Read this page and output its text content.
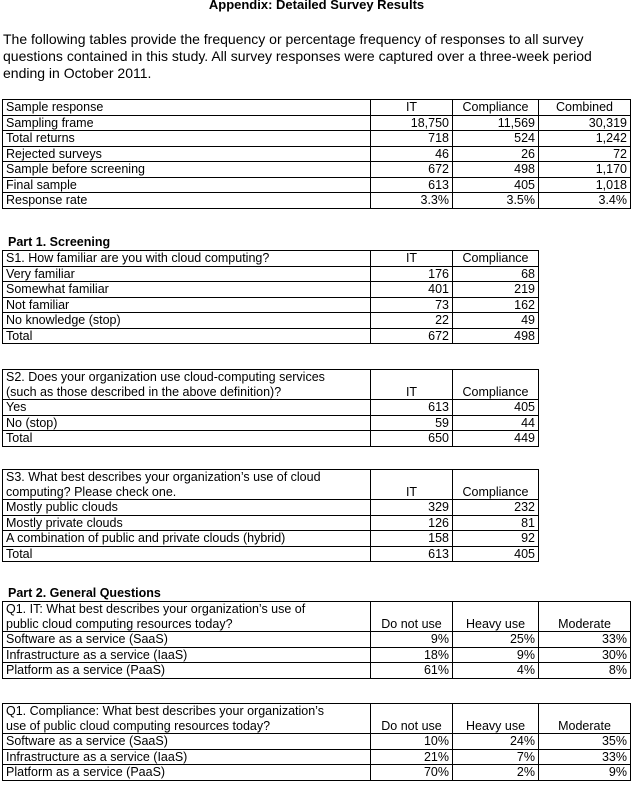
Appendix: Detailed Survey Results
The following tables provide the frequency or percentage frequency of responses to all survey questions contained in this study. All survey responses were captured over a three-week period ending in October 2011.
Sample response	IT	Compliance	Combined
Sampling frame	18,750	11,569	30,319
Total returns	718	524	1,242
Rejected surveys	46	26	72
Sample before screening	672	498	1,170
Final sample	613	405	1,018
Response rate	3.3%	3.5%	3.4%
Part 1. Screening
S1. How familiar are you with cloud computing?	IT	Compliance
Very familiar	176	68
Somewhat familiar	401	219
Not familiar	73	162
No knowledge (stop)	22	49
Total	672	498
S2. Does your organization use cloud-computing services	IT	Compliance
(such as those described in the above definition)?		
Yes	613	405
No (stop)	59	44
Total	650	449
S3. What best describes your organization’s use of cloud	IT	Compliance
computing? Please check one.		
Mostly public clouds	329	232
Mostly private clouds	126	81
A combination of public and private clouds (hybrid)	158	92
Total	613	405
Part 2. General Questions
Q1. IT: What best describes your organization’s use of	Do not use	Heavy use	Moderate
public cloud computing resources today?			
Software as a service (SaaS)	9%	25%	33%
Infrastructure as a service (IaaS)	18%	9%	30%
Platform as a service (PaaS)	61%	4%	8%
Q1. Compliance: What best describes your organization’s	Do not use	Heavy use	Moderate
use of public cloud computing resources today?			
Software as a service (SaaS)	10%	24%	35%
Infrastructure as a service (IaaS)	21%	7%	33%
Platform as a service (PaaS)	70%	2%	9%
